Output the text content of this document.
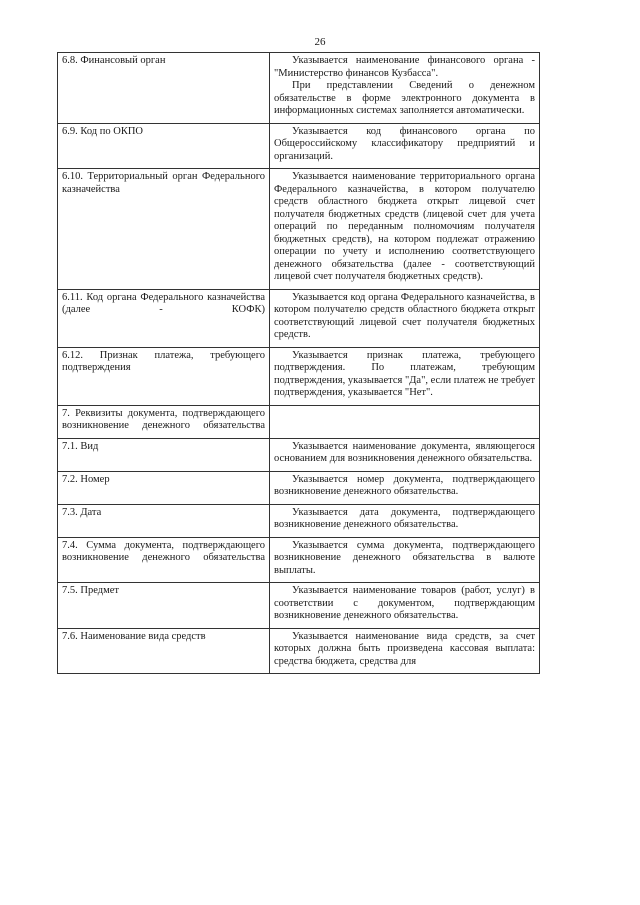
26
6.8. Финансовый орган	Указывается наименование финансового органа - "Министерство финансов Кузбасса".
При представлении Сведений о денежном обязательстве в форме электронного документа в информационных системах заполняется автоматически.

6.9. Код по ОКПО	Указывается код финансового органа по Общероссийскому классификатору предприятий и организаций.

6.10. Территориальный орган Федерального казначейства	Указывается наименование территориального органа Федерального казначейства, в котором получателю средств областного бюджета открыт лицевой счет получателя бюджетных средств (лицевой счет для учета операций по переданным полномочиям получателя бюджетных средств), на котором подлежат отражению операции по учету и исполнению соответствующего денежного обязательства (далее - соответствующий лицевой счет получателя бюджетных средств).

6.11. Код органа Федерального казначейства (далее - КОФК)	Указывается код органа Федерального казначейства, в котором получателю средств областного бюджета открыт соответствующий лицевой счет получателя бюджетных средств.

6.12. Признак платежа, требующего подтверждения	Указывается признак платежа, требующего подтверждения. По платежам, требующим подтверждения, указывается "Да", если платеж не требует подтверждения, указывается "Нет".

7. Реквизиты документа, подтверждающего возникновение денежного обязательства	

7.1. Вид	Указывается наименование документа, являющегося основанием для возникновения денежного обязательства.

7.2. Номер	Указывается номер документа, подтверждающего возникновение денежного обязательства.

7.3. Дата	Указывается дата документа, подтверждающего возникновение денежного обязательства.

7.4. Сумма документа, подтверждающего возникновение денежного обязательства	Указывается сумма документа, подтверждающего возникновение денежного обязательства в валюте выплаты.

7.5. Предмет	Указывается наименование товаров (работ, услуг) в соответствии с документом, подтверждающим возникновение денежного обязательства.

7.6. Наименование вида средств	Указывается наименование вида средств, за счет которых должна быть произведена кассовая выплата: средства бюджета, средства для
